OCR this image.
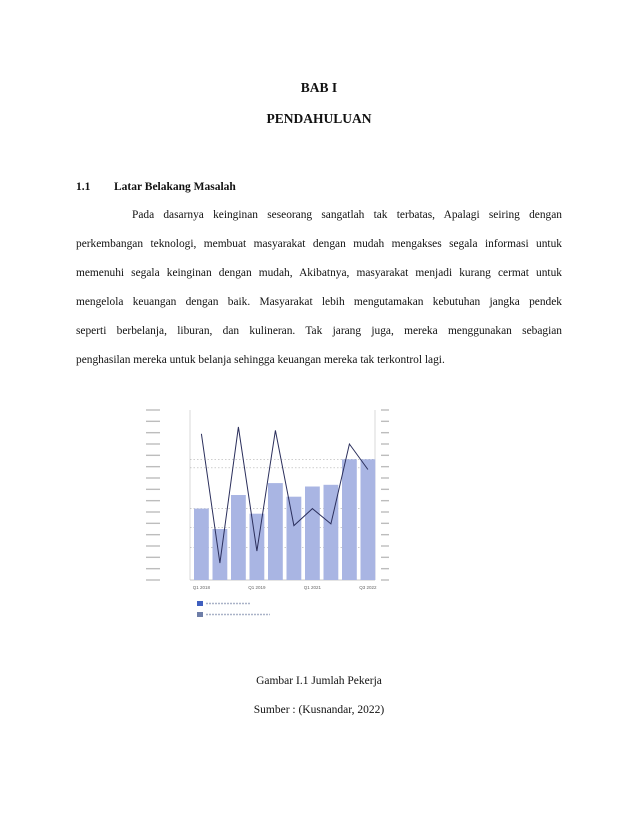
BAB I
PENDAHULUAN
1.1 Latar Belakang Masalah
Pada dasarnya keinginan seseorang sangatlah tak terbatas, Apalagi seiring dengan
perkembangan teknologi, membuat masyarakat dengan mudah mengakses segala informasi untuk
memenuhi segala keinginan dengan mudah, Akibatnya, masyarakat menjadi kurang cermat untuk
mengelola keuangan dengan baik. Masyarakat lebih mengutamakan kebutuhan jangka pendek
seperti berbelanja, liburan, dan kulineran. Tak jarang juga, mereka menggunakan sebagian
penghasilan mereka untuk belanja sehingga keuangan mereka tak terkontrol lagi.
Q1 2018	Q1 2019	Q1 2021	Q3 2022
Gambar I.1 Jumlah Pekerja
Sumber : (Kusnandar, 2022)
